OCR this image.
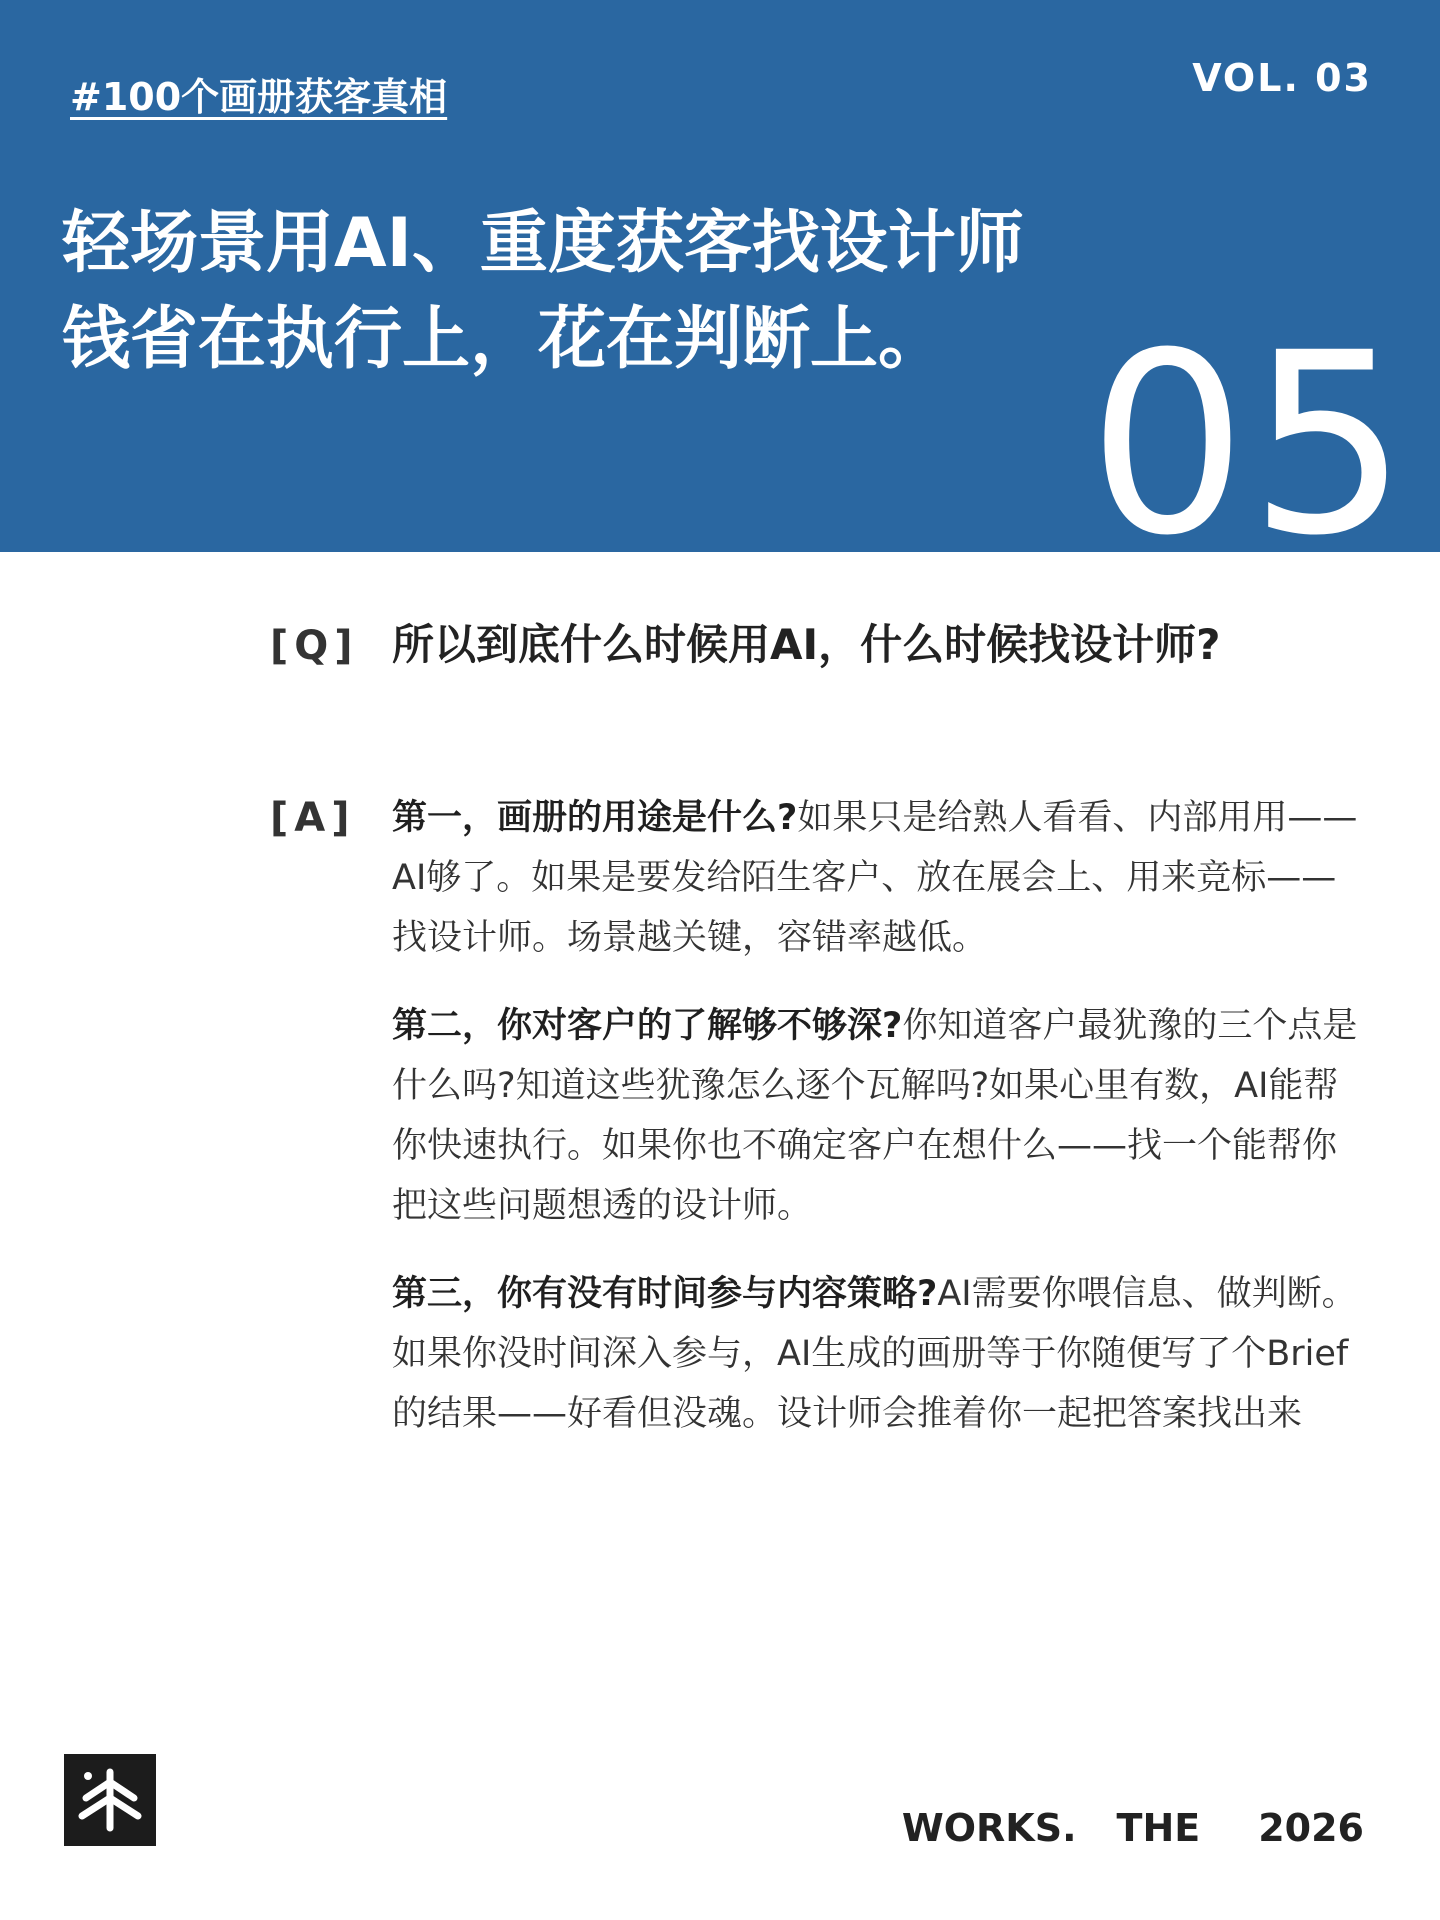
#100个画册获客真相	VOL. 03
轻场景用AI、重度获客找设计师
钱省在执行上，花在判断上。 05
[Q] 所以到底什么时候用AI，什么时候找设计师?
[A]	第一，画册的用途是什么?如果只是给熟人看看、内部用用——AI够了。如果是要发给陌生客户、放在展会上、用来竞标——找设计师。场景越关键，容错率越低。

第二，你对客户的了解够不够深?你知道客户最犹豫的三个点是什么吗?知道这些犹豫怎么逐个瓦解吗?如果心里有数，AI能帮你快速执行。如果你也不确定客户在想什么——找一个能帮你把这些问题想透的设计师。

第三，你有没有时间参与内容策略?AI需要你喂信息、做判断。如果你没时间深入参与，AI生成的画册等于你随便写了个Brief的结果——好看但没魂。设计师会推着你一起把答案找出来

WORKS. THE 2026
